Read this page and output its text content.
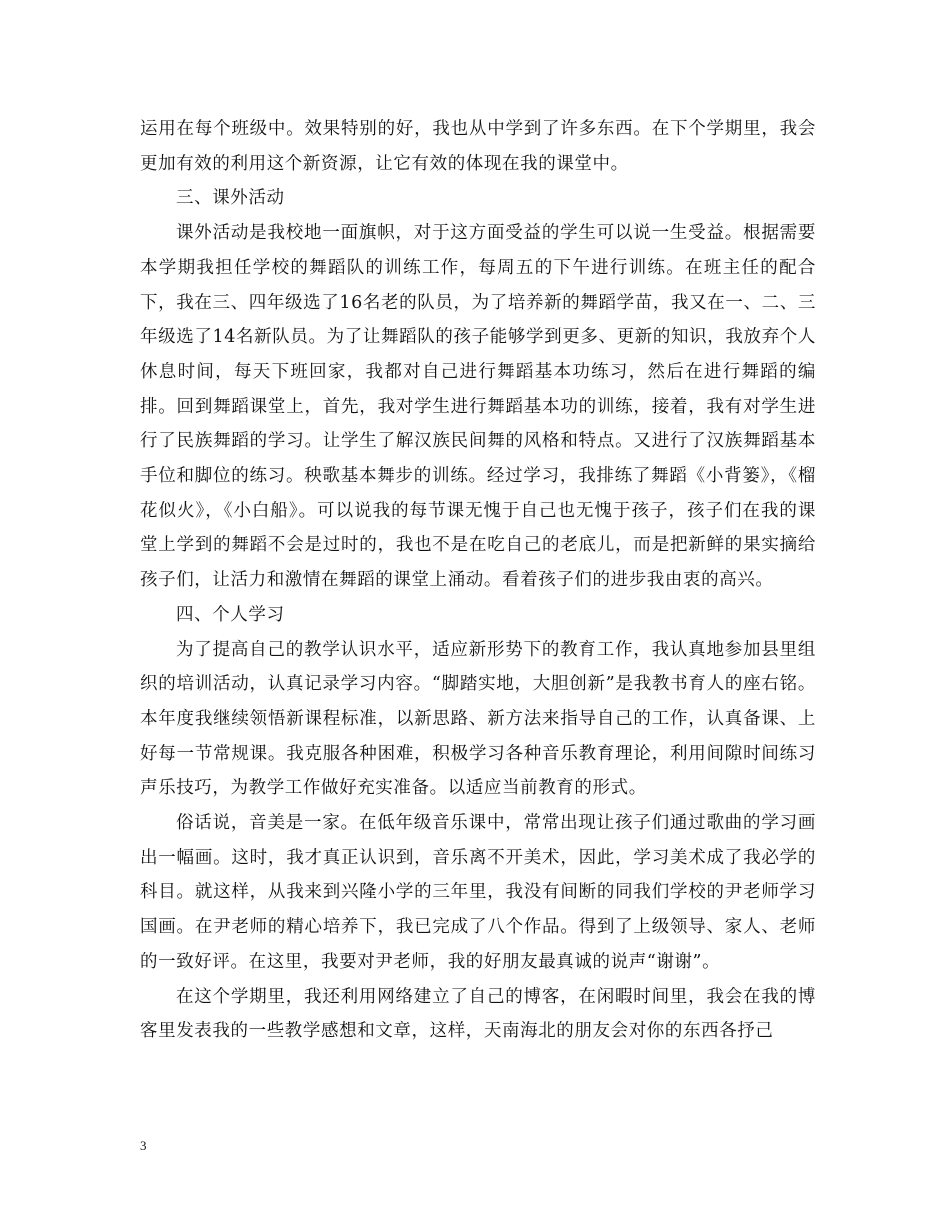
运用在每个班级中。效果特别的好，我也从中学到了许多东西。在下个学期里，我会更加有效的利用这个新资源，让它有效的体现在我的课堂中。

三、课外活动

课外活动是我校地一面旗帜，对于这方面受益的学生可以说一生受益。根据需要本学期我担任学校的舞蹈队的训练工作，每周五的下午进行训练。在班主任的配合下，我在三、四年级选了16名老的队员，为了培养新的舞蹈学苗，我又在一、二、三年级选了14名新队员。为了让舞蹈队的孩子能够学到更多、更新的知识，我放弃个人休息时间，每天下班回家，我都对自己进行舞蹈基本功练习，然后在进行舞蹈的编排。回到舞蹈课堂上，首先，我对学生进行舞蹈基本功的训练，接着，我有对学生进行了民族舞蹈的学习。让学生了解汉族民间舞的风格和特点。又进行了汉族舞蹈基本手位和脚位的练习。秧歌基本舞步的训练。经过学习，我排练了舞蹈《小背篓》，《榴花似火》，《小白船》。可以说我的每节课无愧于自己也无愧于孩子，孩子们在我的课堂上学到的舞蹈不会是过时的，我也不是在吃自己的老底儿，而是把新鲜的果实摘给孩子们，让活力和激情在舞蹈的课堂上涌动。看着孩子们的进步我由衷的高兴。

四、个人学习

为了提高自己的教学认识水平，适应新形势下的教育工作，我认真地参加县里组织的培训活动，认真记录学习内容。“脚踏实地，大胆创新”是我教书育人的座右铭。本年度我继续领悟新课程标准，以新思路、新方法来指导自己的工作，认真备课、上好每一节常规课。我克服各种困难，积极学习各种音乐教育理论，利用间隙时间练习声乐技巧，为教学工作做好充实准备。以适应当前教育的形式。

俗话说，音美是一家。在低年级音乐课中，常常出现让孩子们通过歌曲的学习画出一幅画。这时，我才真正认识到，音乐离不开美术，因此，学习美术成了我必学的科目。就这样，从我来到兴隆小学的三年里，我没有间断的同我们学校的尹老师学习国画。在尹老师的精心培养下，我已完成了八个作品。得到了上级领导、家人、老师的一致好评。在这里，我要对尹老师，我的好朋友最真诚的说声“谢谢”。

在这个学期里，我还利用网络建立了自己的博客，在闲暇时间里，我会在我的博客里发表我的一些教学感想和文章，这样，天南海北的朋友会对你的东西各抒己

3
